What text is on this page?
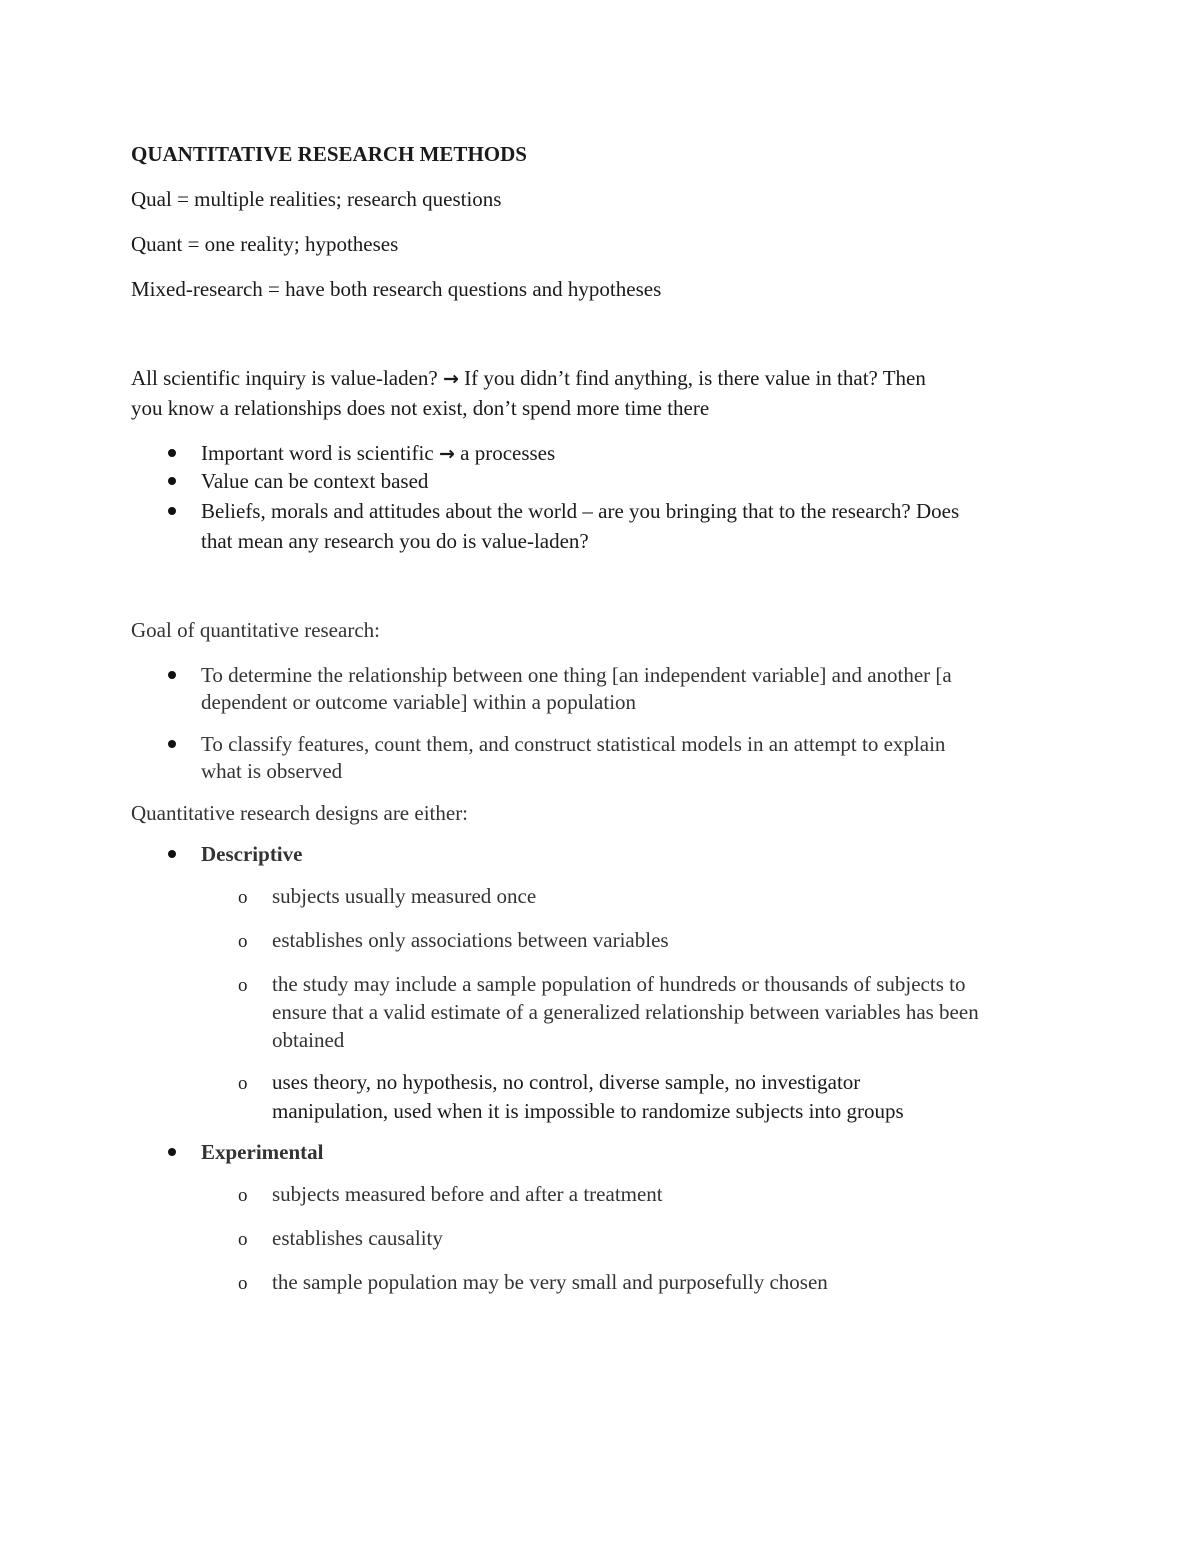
QUANTITATIVE RESEARCH METHODS
Qual = multiple realities; research questions
Quant = one reality; hypotheses
Mixed-research = have both research questions and hypotheses
All scientific inquiry is value-laden? → If you didn’t find anything, is there value in that? Then
you know a relationships does not exist, don’t spend more time there
Important word is scientific → a processes
Value can be context based
Beliefs, morals and attitudes about the world – are you bringing that to the research? Does
that mean any research you do is value-laden?
Goal of quantitative research:
To determine the relationship between one thing [an independent variable] and another [a
dependent or outcome variable] within a population
To classify features, count them, and construct statistical models in an attempt to explain
what is observed
Quantitative research designs are either:
Descriptive
o subjects usually measured once
o establishes only associations between variables
o the study may include a sample population of hundreds or thousands of subjects to
ensure that a valid estimate of a generalized relationship between variables has been
obtained
o uses theory, no hypothesis, no control, diverse sample, no investigator
manipulation, used when it is impossible to randomize subjects into groups
Experimental
o subjects measured before and after a treatment
o establishes causality
o the sample population may be very small and purposefully chosen
